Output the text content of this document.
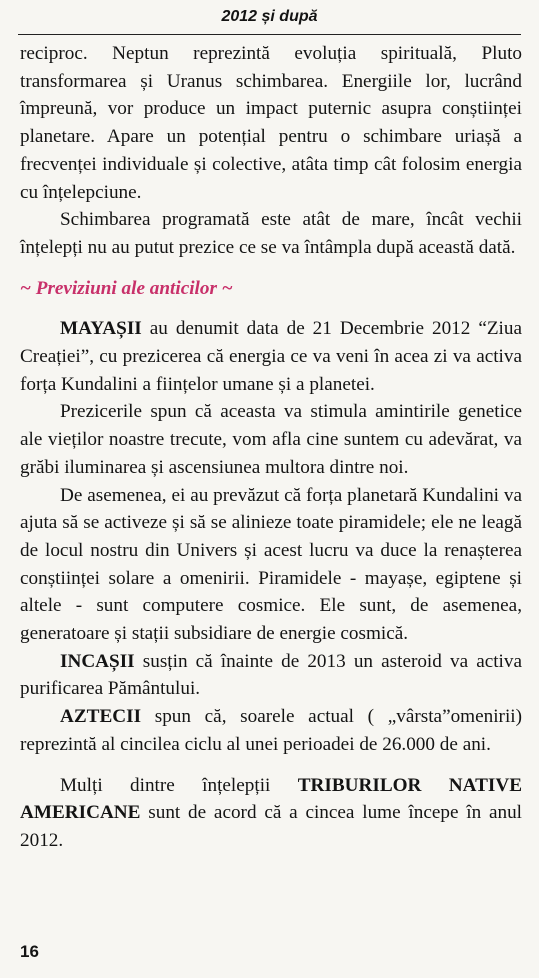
2012 și după

reciproc. Neptun reprezintă evoluția spirituală, Pluto transformarea și Uranus schimbarea. Energiile lor, lucrând împreună, vor produce un impact puternic asupra conștiinței planetare. Apare un potențial pentru o schimbare uriașă a frecvenței individuale și colective, atâta timp cât folosim energia cu înțelepciune.

Schimbarea programată este atât de mare, încât vechii înțelepți nu au putut prezice ce se va întâmpla după această dată.

~ Previziuni ale anticilor ~

MAYAȘII au denumit data de 21 Decembrie 2012 “Ziua Creației”, cu prezicerea că energia ce va veni în acea zi va activa forța Kundalini a ființelor umane și a planetei.

Prezicerile spun că aceasta va stimula amintirile genetice ale vieților noastre trecute, vom afla cine suntem cu adevărat, va grăbi iluminarea și ascensiunea multora dintre noi.

De asemenea, ei au prevăzut că forța planetară Kundalini va ajuta să se activeze și să se alinieze toate piramidele; ele ne leagă de locul nostru din Univers și acest lucru va duce la renașterea conștiinței solare a omenirii. Piramidele - mayașe, egiptene și altele - sunt computere cosmice. Ele sunt, de asemenea, generatoare și stații subsidiare de energie cosmică.

INCAȘII susțin că înainte de 2013 un asteroid va activa purificarea Pământului.

AZTECII spun că, soarele actual ( „vârsta”omenirii) reprezintă al cincilea ciclu al unei perioadei de 26.000 de ani.

Mulți dintre înțelepții TRIBURILOR NATIVE AMERICANE sunt de acord că a cincea lume începe în anul 2012.

16
